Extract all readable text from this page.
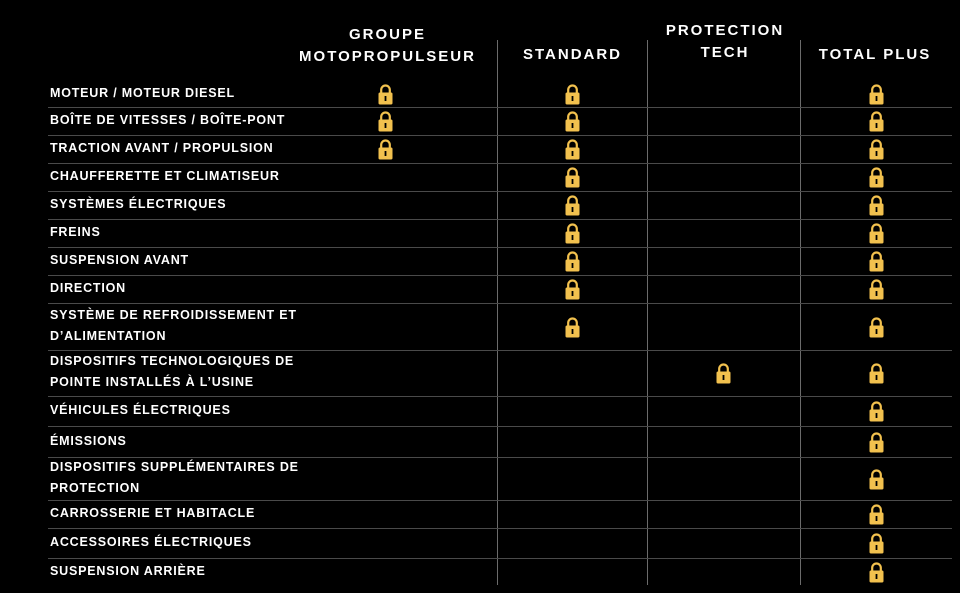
GROUPE
MOTOPROPULSEUR	STANDARD
PROTECTION
TECH	TOTAL PLUS
MOTEUR / MOTEUR DIESEL
BOÎTE DE VITESSES / BOÎTE-PONT
TRACTION AVANT / PROPULSION
CHAUFFERETTE ET CLIMATISEUR
SYSTÈMES ÉLECTRIQUES
FREINS
SUSPENSION AVANT
DIRECTION
SYSTÈME DE REFROIDISSEMENT ET
D’ALIMENTATION
DISPOSITIFS TECHNOLOGIQUES DE
POINTE INSTALLÉS À L’USINE
VÉHICULES ÉLECTRIQUES
ÉMISSIONS
DISPOSITIFS SUPPLÉMENTAIRES DE
PROTECTION
CARROSSERIE ET HABITACLE
ACCESSOIRES ÉLECTRIQUES
SUSPENSION ARRIÈRE
